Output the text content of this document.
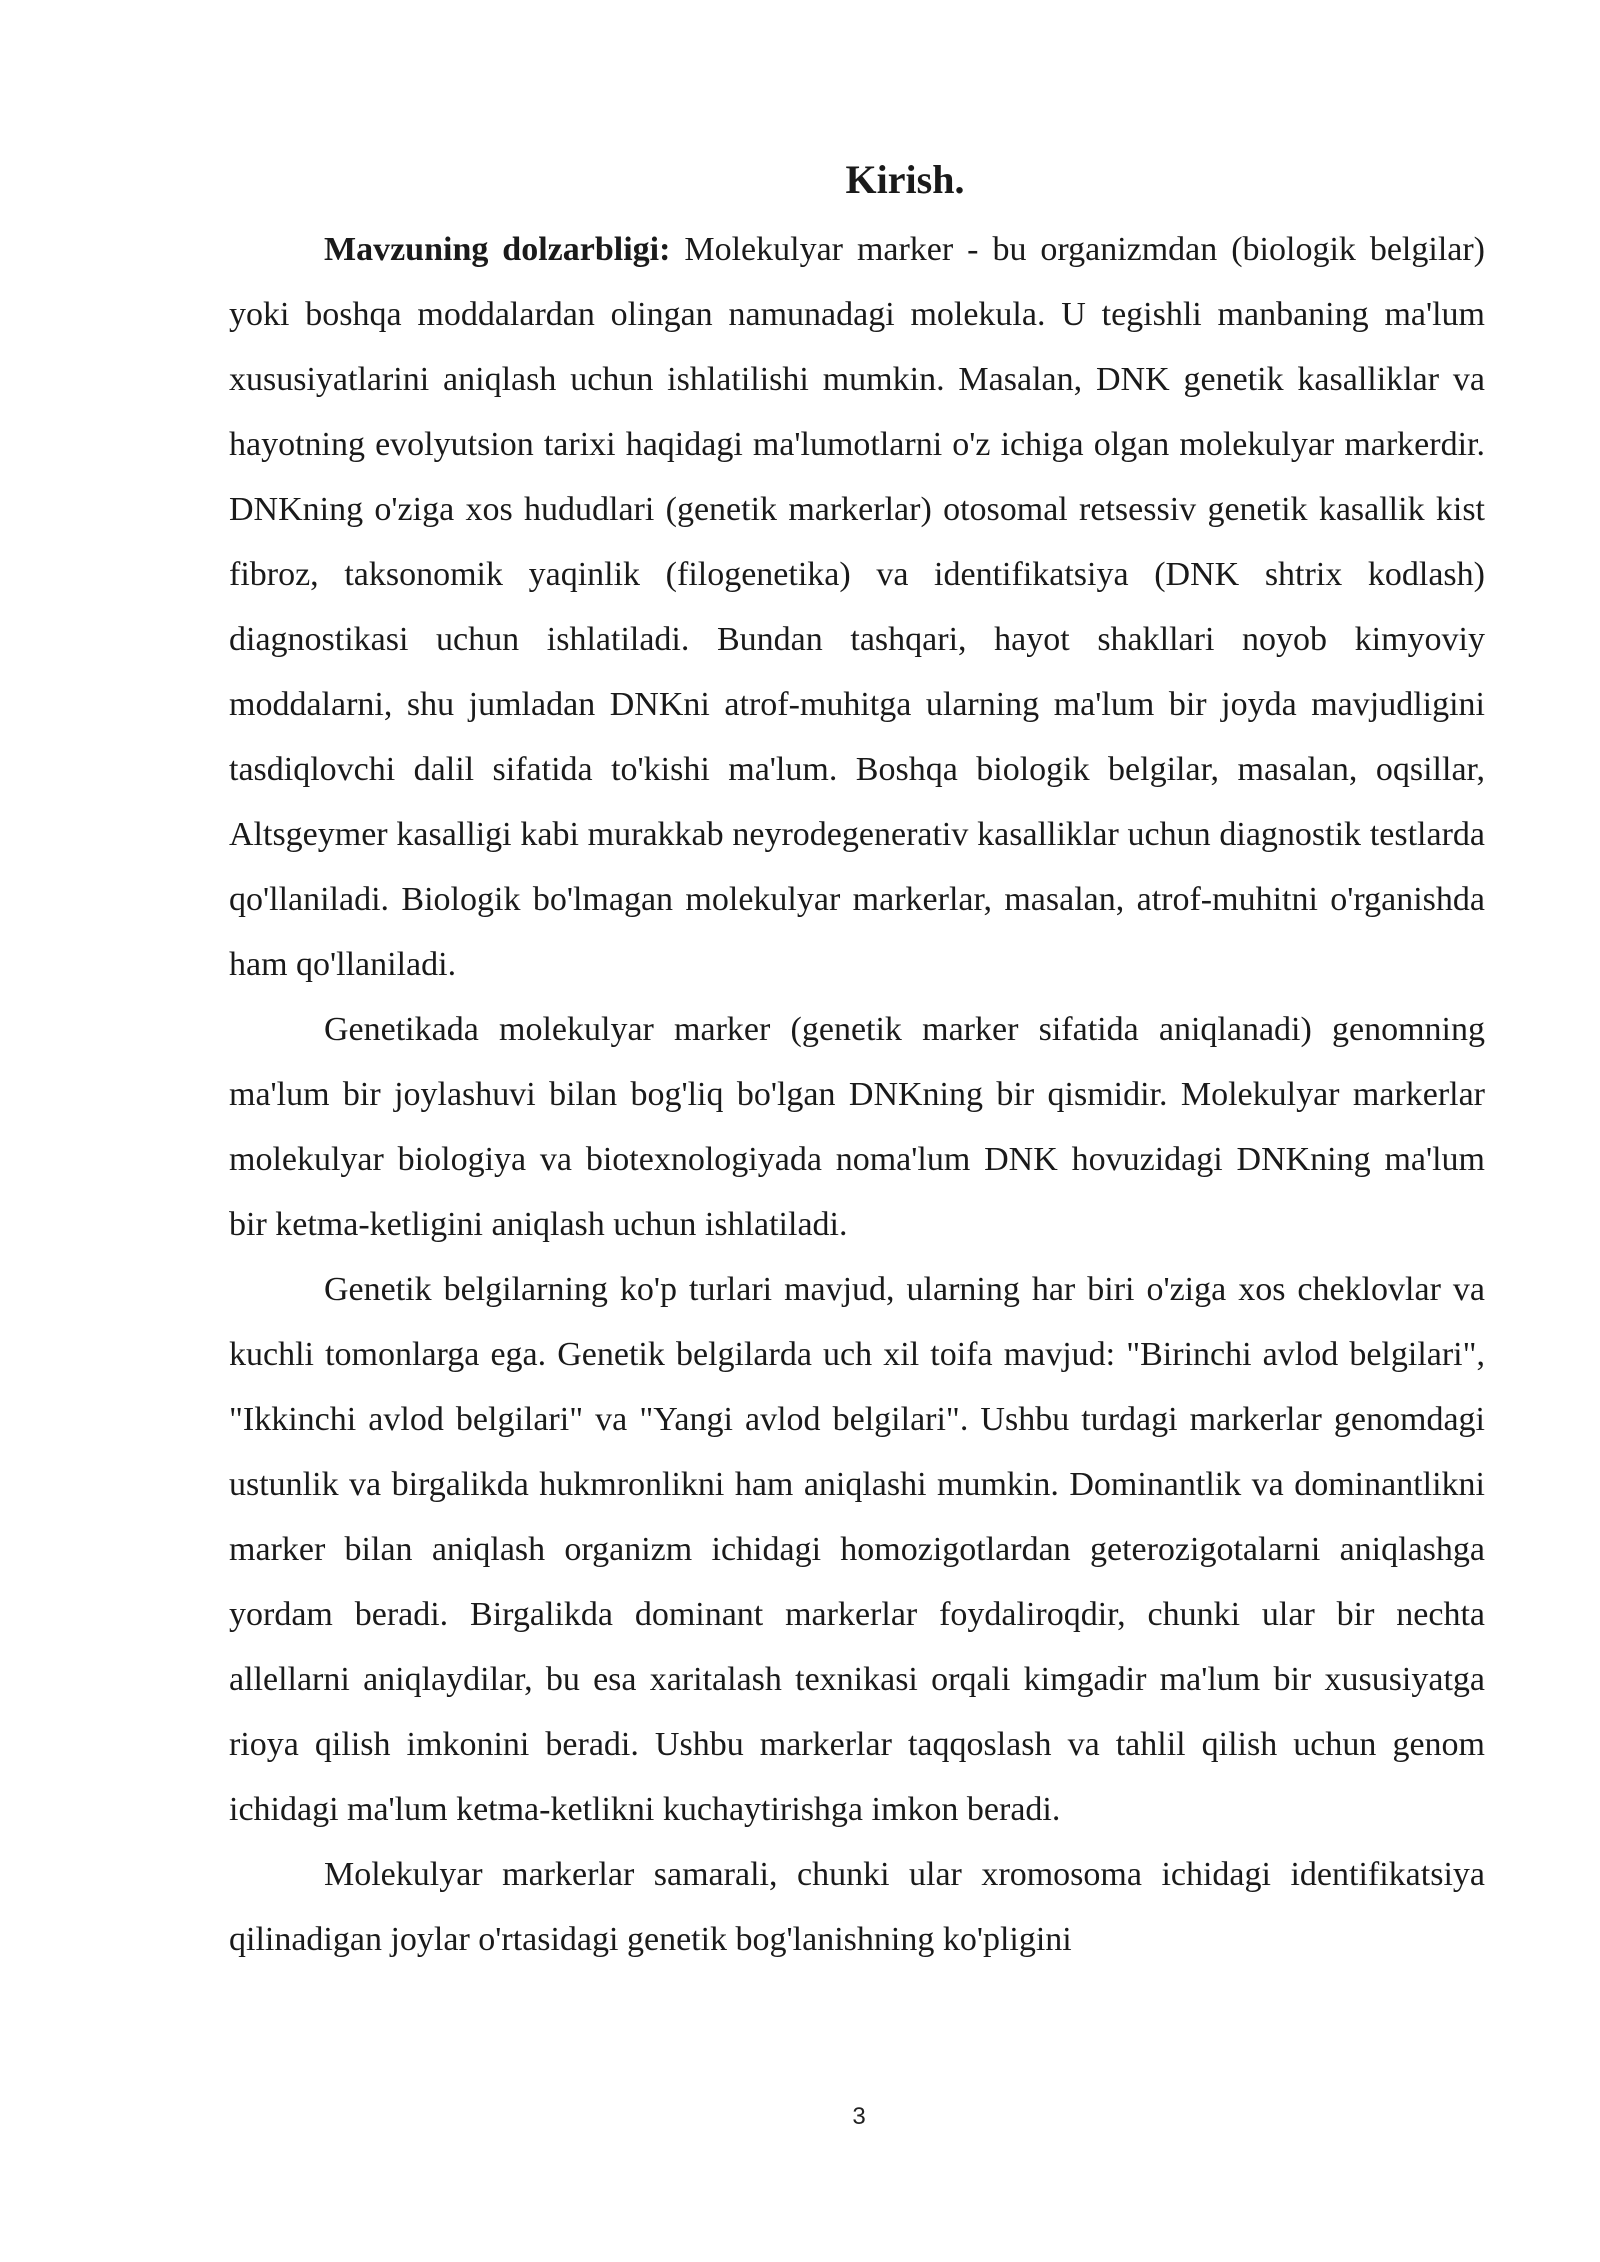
Kirish.

Mavzuning dolzarbligi: Molekulyar marker - bu organizmdan (biologik belgilar) yoki boshqa moddalardan olingan namunadagi molekula. U tegishli manbaning ma'lum xususiyatlarini aniqlash uchun ishlatilishi mumkin. Masalan, DNK genetik kasalliklar va hayotning evolyutsion tarixi haqidagi ma'lumotlarni o'z ichiga olgan molekulyar markerdir. DNKning o'ziga xos hududlari (genetik markerlar) otosomal retsessiv genetik kasallik kist fibroz, taksonomik yaqinlik (filogenetika) va identifikatsiya (DNK shtrix kodlash) diagnostikasi uchun ishlatiladi. Bundan tashqari, hayot shakllari noyob kimyoviy moddalarni, shu jumladan DNKni atrof-muhitga ularning ma'lum bir joyda mavjudligini tasdiqlovchi dalil sifatida to'kishi ma'lum. Boshqa biologik belgilar, masalan, oqsillar, Altsgeymer kasalligi kabi murakkab neyrodegenerativ kasalliklar uchun diagnostik testlarda qo'llaniladi. Biologik bo'lmagan molekulyar markerlar, masalan, atrof-muhitni o'rganishda ham qo'llaniladi.

Genetikada molekulyar marker (genetik marker sifatida aniqlanadi) genomning ma'lum bir joylashuvi bilan bog'liq bo'lgan DNKning bir qismidir. Molekulyar markerlar molekulyar biologiya va biotexnologiyada noma'lum DNK hovuzidagi DNKning ma'lum bir ketma-ketligini aniqlash uchun ishlatiladi.

Genetik belgilarning ko'p turlari mavjud, ularning har biri o'ziga xos cheklovlar va kuchli tomonlarga ega. Genetik belgilarda uch xil toifa mavjud: "Birinchi avlod belgilari", "Ikkinchi avlod belgilari" va "Yangi avlod belgilari". Ushbu turdagi markerlar genomdagi ustunlik va birgalikda hukmronlikni ham aniqlashi mumkin. Dominantlik va dominantlikni marker bilan aniqlash organizm ichidagi homozigotlardan geterozigotalarni aniqlashga yordam beradi. Birgalikda dominant markerlar foydaliroqdir, chunki ular bir nechta allellarni aniqlaydilar, bu esa xaritalash texnikasi orqali kimgadir ma'lum bir xususiyatga rioya qilish imkonini beradi. Ushbu markerlar taqqoslash va tahlil qilish uchun genom ichidagi ma'lum ketma-ketlikni kuchaytirishga imkon beradi.

Molekulyar markerlar samarali, chunki ular xromosoma ichidagi identifikatsiya qilinadigan joylar o'rtasidagi genetik bog'lanishning ko'pligini

3
